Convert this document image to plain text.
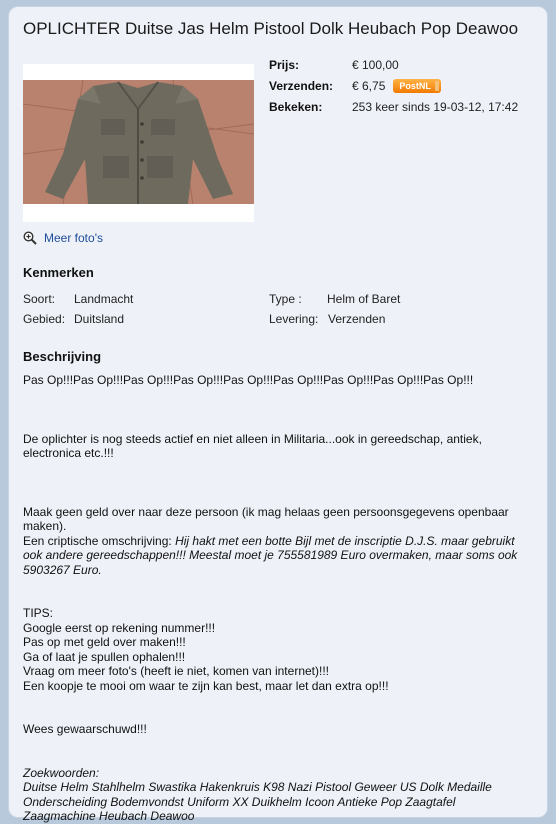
OPLICHTER Duitse Jas Helm Pistool Dolk Heubach Pop Deawoo
Meer foto's
Prijs:	€ 100,00
Verzenden: € 6,75 PostNL
Bekeken: 253 keer sinds 19-03-12, 17:42
Kenmerken
Soort: Landmacht	Type : Helm of Baret
Gebied: Duitsland	Levering: Verzenden
Beschrijving

Pas Op!!!Pas Op!!!Pas Op!!!Pas Op!!!Pas Op!!!Pas Op!!!Pas Op!!!Pas Op!!!Pas Op!!!

De oplichter is nog steeds actief en niet alleen in Militaria...ook in gereedschap, antiek, electronica etc.!!!

Maak geen geld over naar deze persoon (ik mag helaas geen persoonsgegevens openbaar maken).

Een criptische omschrijving: Hij hakt met een botte Bijl met de inscriptie D.J.S. maar gebruikt ook andere gereedschappen!!! Meestal moet je 755581989 Euro overmaken, maar soms ook 5903267 Euro.

TIPS:

Google eerst op rekening nummer!!!

Pas op met geld over maken!!!

Ga of laat je spullen ophalen!!!

Vraag om meer foto's (heeft ie niet, komen van internet)!!!

Een koopje te mooi om waar te zijn kan best, maar let dan extra op!!!

Wees gewaarschuwd!!!

Zoekwoorden:

Duitse Helm Stahlhelm Swastika Hakenkruis K98 Nazi Pistool Geweer US Dolk Medaille Onderscheiding Bodemvondst Uniform XX Duikhelm Icoon Antieke Pop Zaagtafel Zaagmachine Heubach Deawoo
